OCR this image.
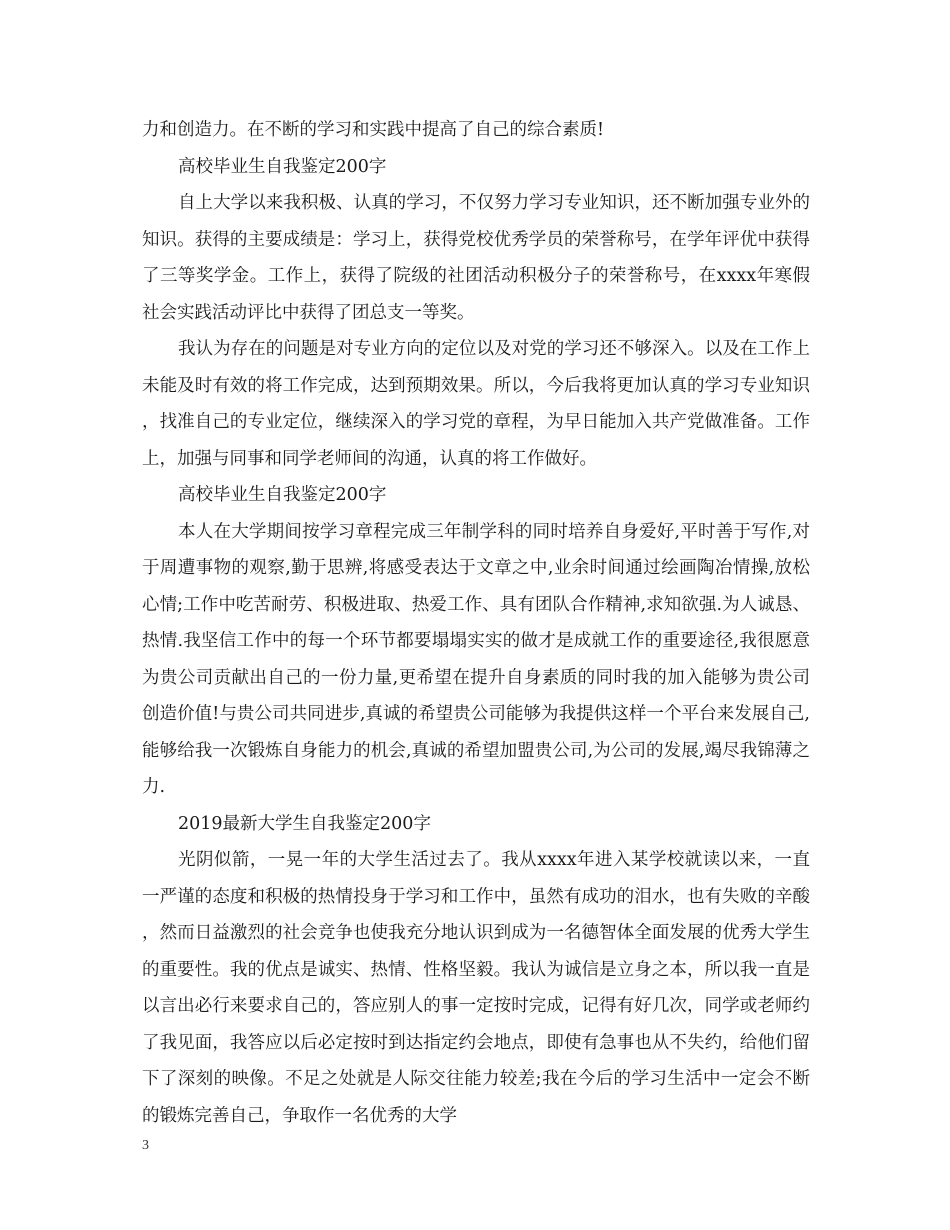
力和创造力。在不断的学习和实践中提高了自己的综合素质!

高校毕业生自我鉴定200字

自上大学以来我积极、认真的学习，不仅努力学习专业知识，还不断加强专业外的知识。获得的主要成绩是：学习上，获得党校优秀学员的荣誉称号，在学年评优中获得了三等奖学金。工作上，获得了院级的社团活动积极分子的荣誉称号，在xxxx年寒假社会实践活动评比中获得了团总支一等奖。

我认为存在的问题是对专业方向的定位以及对党的学习还不够深入。以及在工作上未能及时有效的将工作完成，达到预期效果。所以，今后我将更加认真的学习专业知识，找准自己的专业定位，继续深入的学习党的章程，为早日能加入共产党做准备。工作上，加强与同事和同学老师间的沟通，认真的将工作做好。

高校毕业生自我鉴定200字

本人在大学期间按学习章程完成三年制学科的同时培养自身爱好,平时善于写作,对于周遭事物的观察,勤于思辨,将感受表达于文章之中,业余时间通过绘画陶冶情操,放松心情;工作中吃苦耐劳、积极进取、热爱工作、具有团队合作精神,求知欲强.为人诚恳、热情.我坚信工作中的每一个环节都要塌塌实实的做才是成就工作的重要途径,我很愿意为贵公司贡献出自己的一份力量,更希望在提升自身素质的同时我的加入能够为贵公司创造价值!与贵公司共同进步,真诚的希望贵公司能够为我提供这样一个平台来发展自己,能够给我一次锻炼自身能力的机会,真诚的希望加盟贵公司,为公司的发展,竭尽我锦薄之力.

2019最新大学生自我鉴定200字

光阴似箭，一晃一年的大学生活过去了。我从xxxx年进入某学校就读以来，一直一严谨的态度和积极的热情投身于学习和工作中，虽然有成功的泪水，也有失败的辛酸，然而日益激烈的社会竞争也使我充分地认识到成为一名德智体全面发展的优秀大学生的重要性。我的优点是诚实、热情、性格坚毅。我认为诚信是立身之本，所以我一直是以言出必行来要求自己的，答应别人的事一定按时完成，记得有好几次，同学或老师约了我见面，我答应以后必定按时到达指定约会地点，即使有急事也从不失约，给他们留下了深刻的映像。不足之处就是人际交往能力较差;我在今后的学习生活中一定会不断的锻炼完善自己，争取作一名优秀的大学

3
